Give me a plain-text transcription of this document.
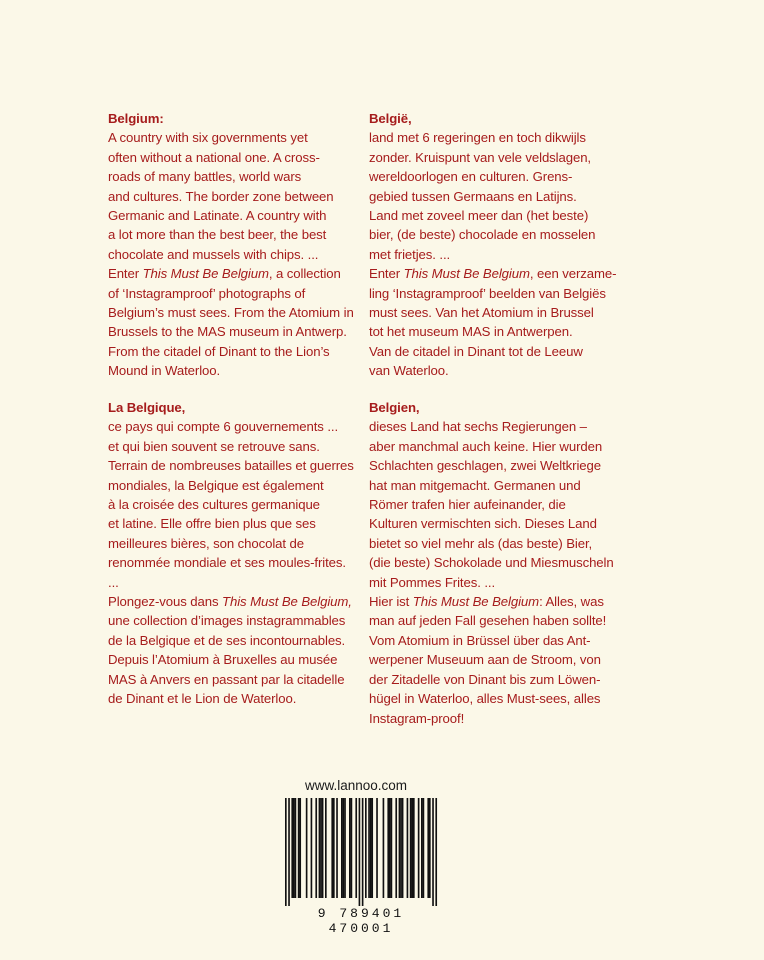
Belgium:

A country with six governments yet

often without a national one. A cross-

roads of many battles, world wars

and cultures. The border zone between

Germanic and Latinate. A country with

a lot more than the best beer, the best

chocolate and mussels with chips. ...

Enter This Must Be Belgium, a collection

of ‘Instagramproof’ photographs of

Belgium’s must sees. From the Atomium in

Brussels to the MAS museum in Antwerp.

From the citadel of Dinant to the Lion’s

Mound in Waterloo.

België,

land met 6 regeringen en toch dikwijls

zonder. Kruispunt van vele veldslagen,

wereldoorlogen en culturen. Grens-

gebied tussen Germaans en Latijns.

Land met zoveel meer dan (het beste)

bier, (de beste) chocolade en mosselen

met frietjes. ...

Enter This Must Be Belgium, een verzame-

ling ‘Instagramproof’ beelden van Belgiës

must sees. Van het Atomium in Brussel

tot het museum MAS in Antwerpen.

Van de citadel in Dinant tot de Leeuw

van Waterloo.

La Belgique,

ce pays qui compte 6 gouvernements ...

et qui bien souvent se retrouve sans.

Terrain de nombreuses batailles et guerres

mondiales, la Belgique est également

à la croisée des cultures germanique

et latine. Elle offre bien plus que ses

meilleures bières, son chocolat de

renommée mondiale et ses moules-frites.

...

Plongez-vous dans This Must Be Belgium,

une collection d’images instagrammables

de la Belgique et de ses incontournables.

Depuis l’Atomium à Bruxelles au musée

MAS à Anvers en passant par la citadelle

de Dinant et le Lion de Waterloo.

Belgien,

dieses Land hat sechs Regierungen –

aber manchmal auch keine. Hier wurden

Schlachten geschlagen, zwei Weltkriege

hat man mitgemacht. Germanen und

Römer trafen hier aufeinander, die

Kulturen vermischten sich. Dieses Land

bietet so viel mehr als (das beste) Bier,

(die beste) Schokolade und Miesmuscheln

mit Pommes Frites. ...

Hier ist This Must Be Belgium: Alles, was

man auf jeden Fall gesehen haben sollte!

Vom Atomium in Brüssel über das Ant-

werpener Museuum aan de Stroom, von

der Zitadelle von Dinant bis zum Löwen-

hügel in Waterloo, alles Must-sees, alles

Instagram-proof!

www.lannoo.com
9 789401 470001
